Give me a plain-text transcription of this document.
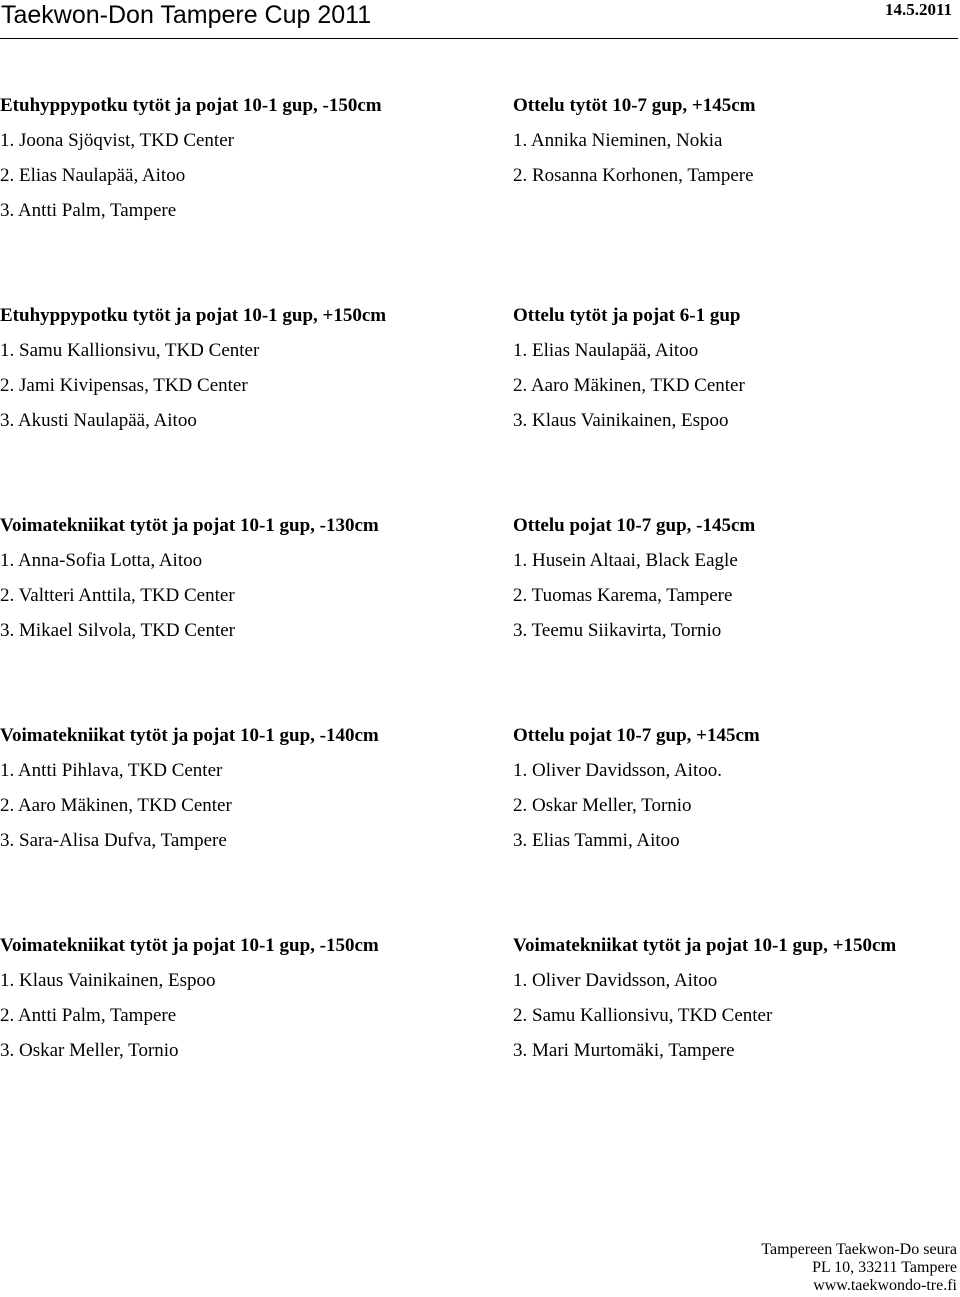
Taekwon-Don Tampere Cup 2011	14.5.2011
Etuhyppypotku tytöt ja pojat 10-1 gup, -150cm
1. Joona Sjöqvist, TKD Center
2. Elias Naulapää, Aitoo
3. Antti Palm, Tampere
Ottelu tytöt 10-7 gup, +145cm
1. Annika Nieminen, Nokia
2. Rosanna Korhonen, Tampere
Etuhyppypotku tytöt ja pojat 10-1 gup, +150cm
1. Samu Kallionsivu, TKD Center
2. Jami Kivipensas, TKD Center
3. Akusti Naulapää, Aitoo
Ottelu tytöt ja pojat 6-1 gup
1. Elias Naulapää, Aitoo
2. Aaro Mäkinen, TKD Center
3. Klaus Vainikainen, Espoo
Voimatekniikat tytöt ja pojat 10-1 gup, -130cm
1. Anna-Sofia Lotta, Aitoo
2. Valtteri Anttila, TKD Center
3. Mikael Silvola, TKD Center
Ottelu pojat 10-7 gup, -145cm
1. Husein Altaai, Black Eagle
2. Tuomas Karema, Tampere
3. Teemu Siikavirta, Tornio
Voimatekniikat tytöt ja pojat 10-1 gup, -140cm
1. Antti Pihlava, TKD Center
2. Aaro Mäkinen, TKD Center
3. Sara-Alisa Dufva, Tampere
Ottelu pojat 10-7 gup, +145cm
1. Oliver Davidsson, Aitoo.
2. Oskar Meller, Tornio
3. Elias Tammi, Aitoo
Voimatekniikat tytöt ja pojat 10-1 gup, -150cm
1. Klaus Vainikainen, Espoo
2. Antti Palm, Tampere
3. Oskar Meller, Tornio
Voimatekniikat tytöt ja pojat 10-1 gup, +150cm
1. Oliver Davidsson, Aitoo
2. Samu Kallionsivu, TKD Center
3. Mari Murtomäki, Tampere
Tampereen Taekwon-Do seura
PL 10, 33211 Tampere
www.taekwondo-tre.fi
